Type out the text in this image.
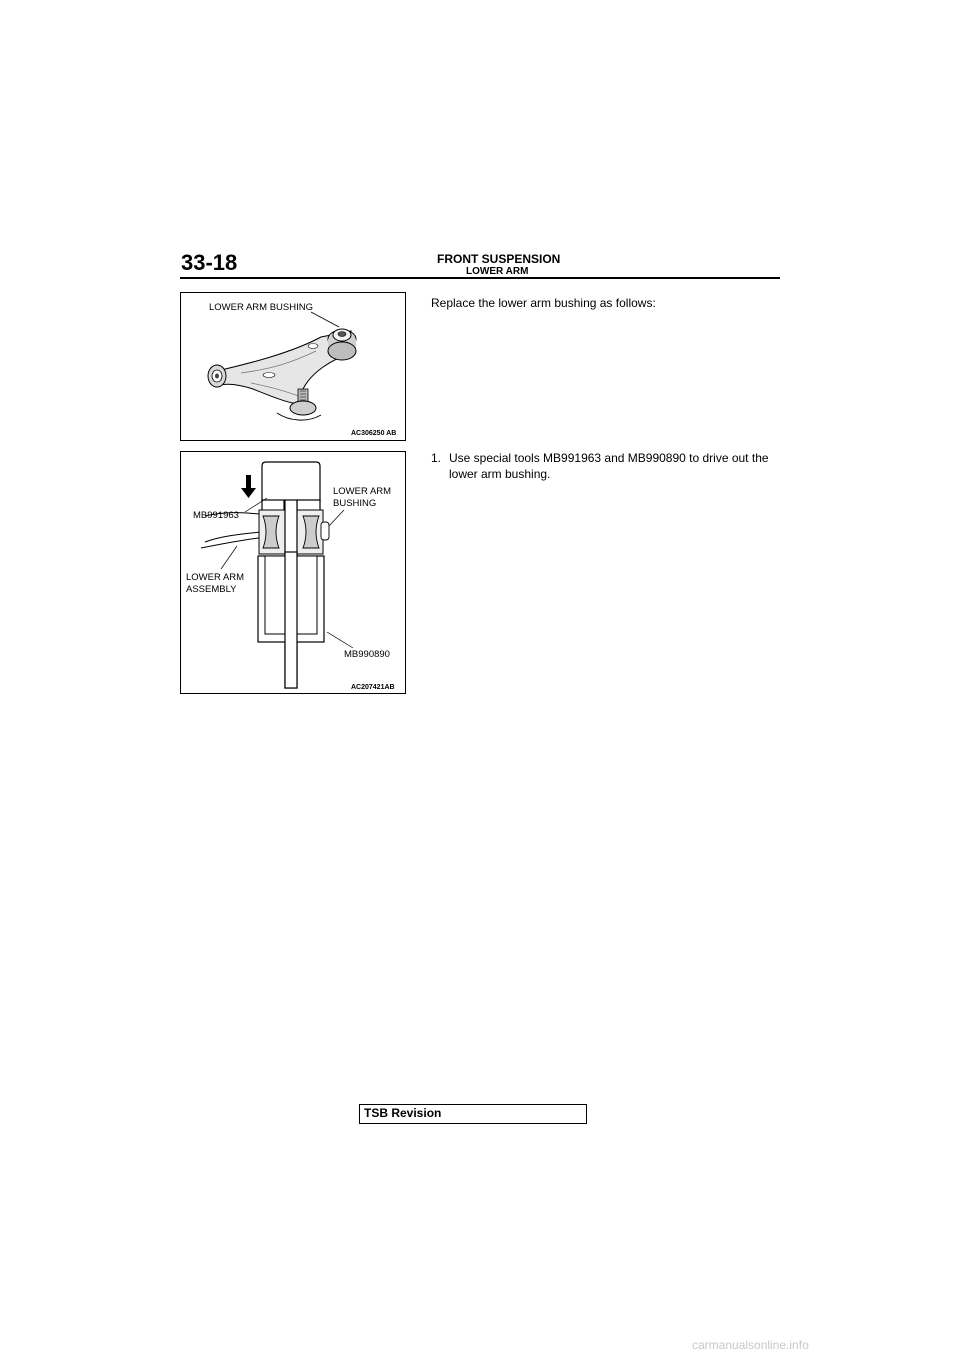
33-18	FRONT SUSPENSION
LOWER ARM
LOWER ARM BUSHING
AC306250 AB
MB991963
LOWER ARM
BUSHING
LOWER ARM
ASSEMBLY
MB990890
AC207421AB
Replace the lower arm bushing as follows:
1. Use special tools MB991963 and MB990890 to drive out the lower arm bushing.
TSB Revision
carmanualsonline.info
